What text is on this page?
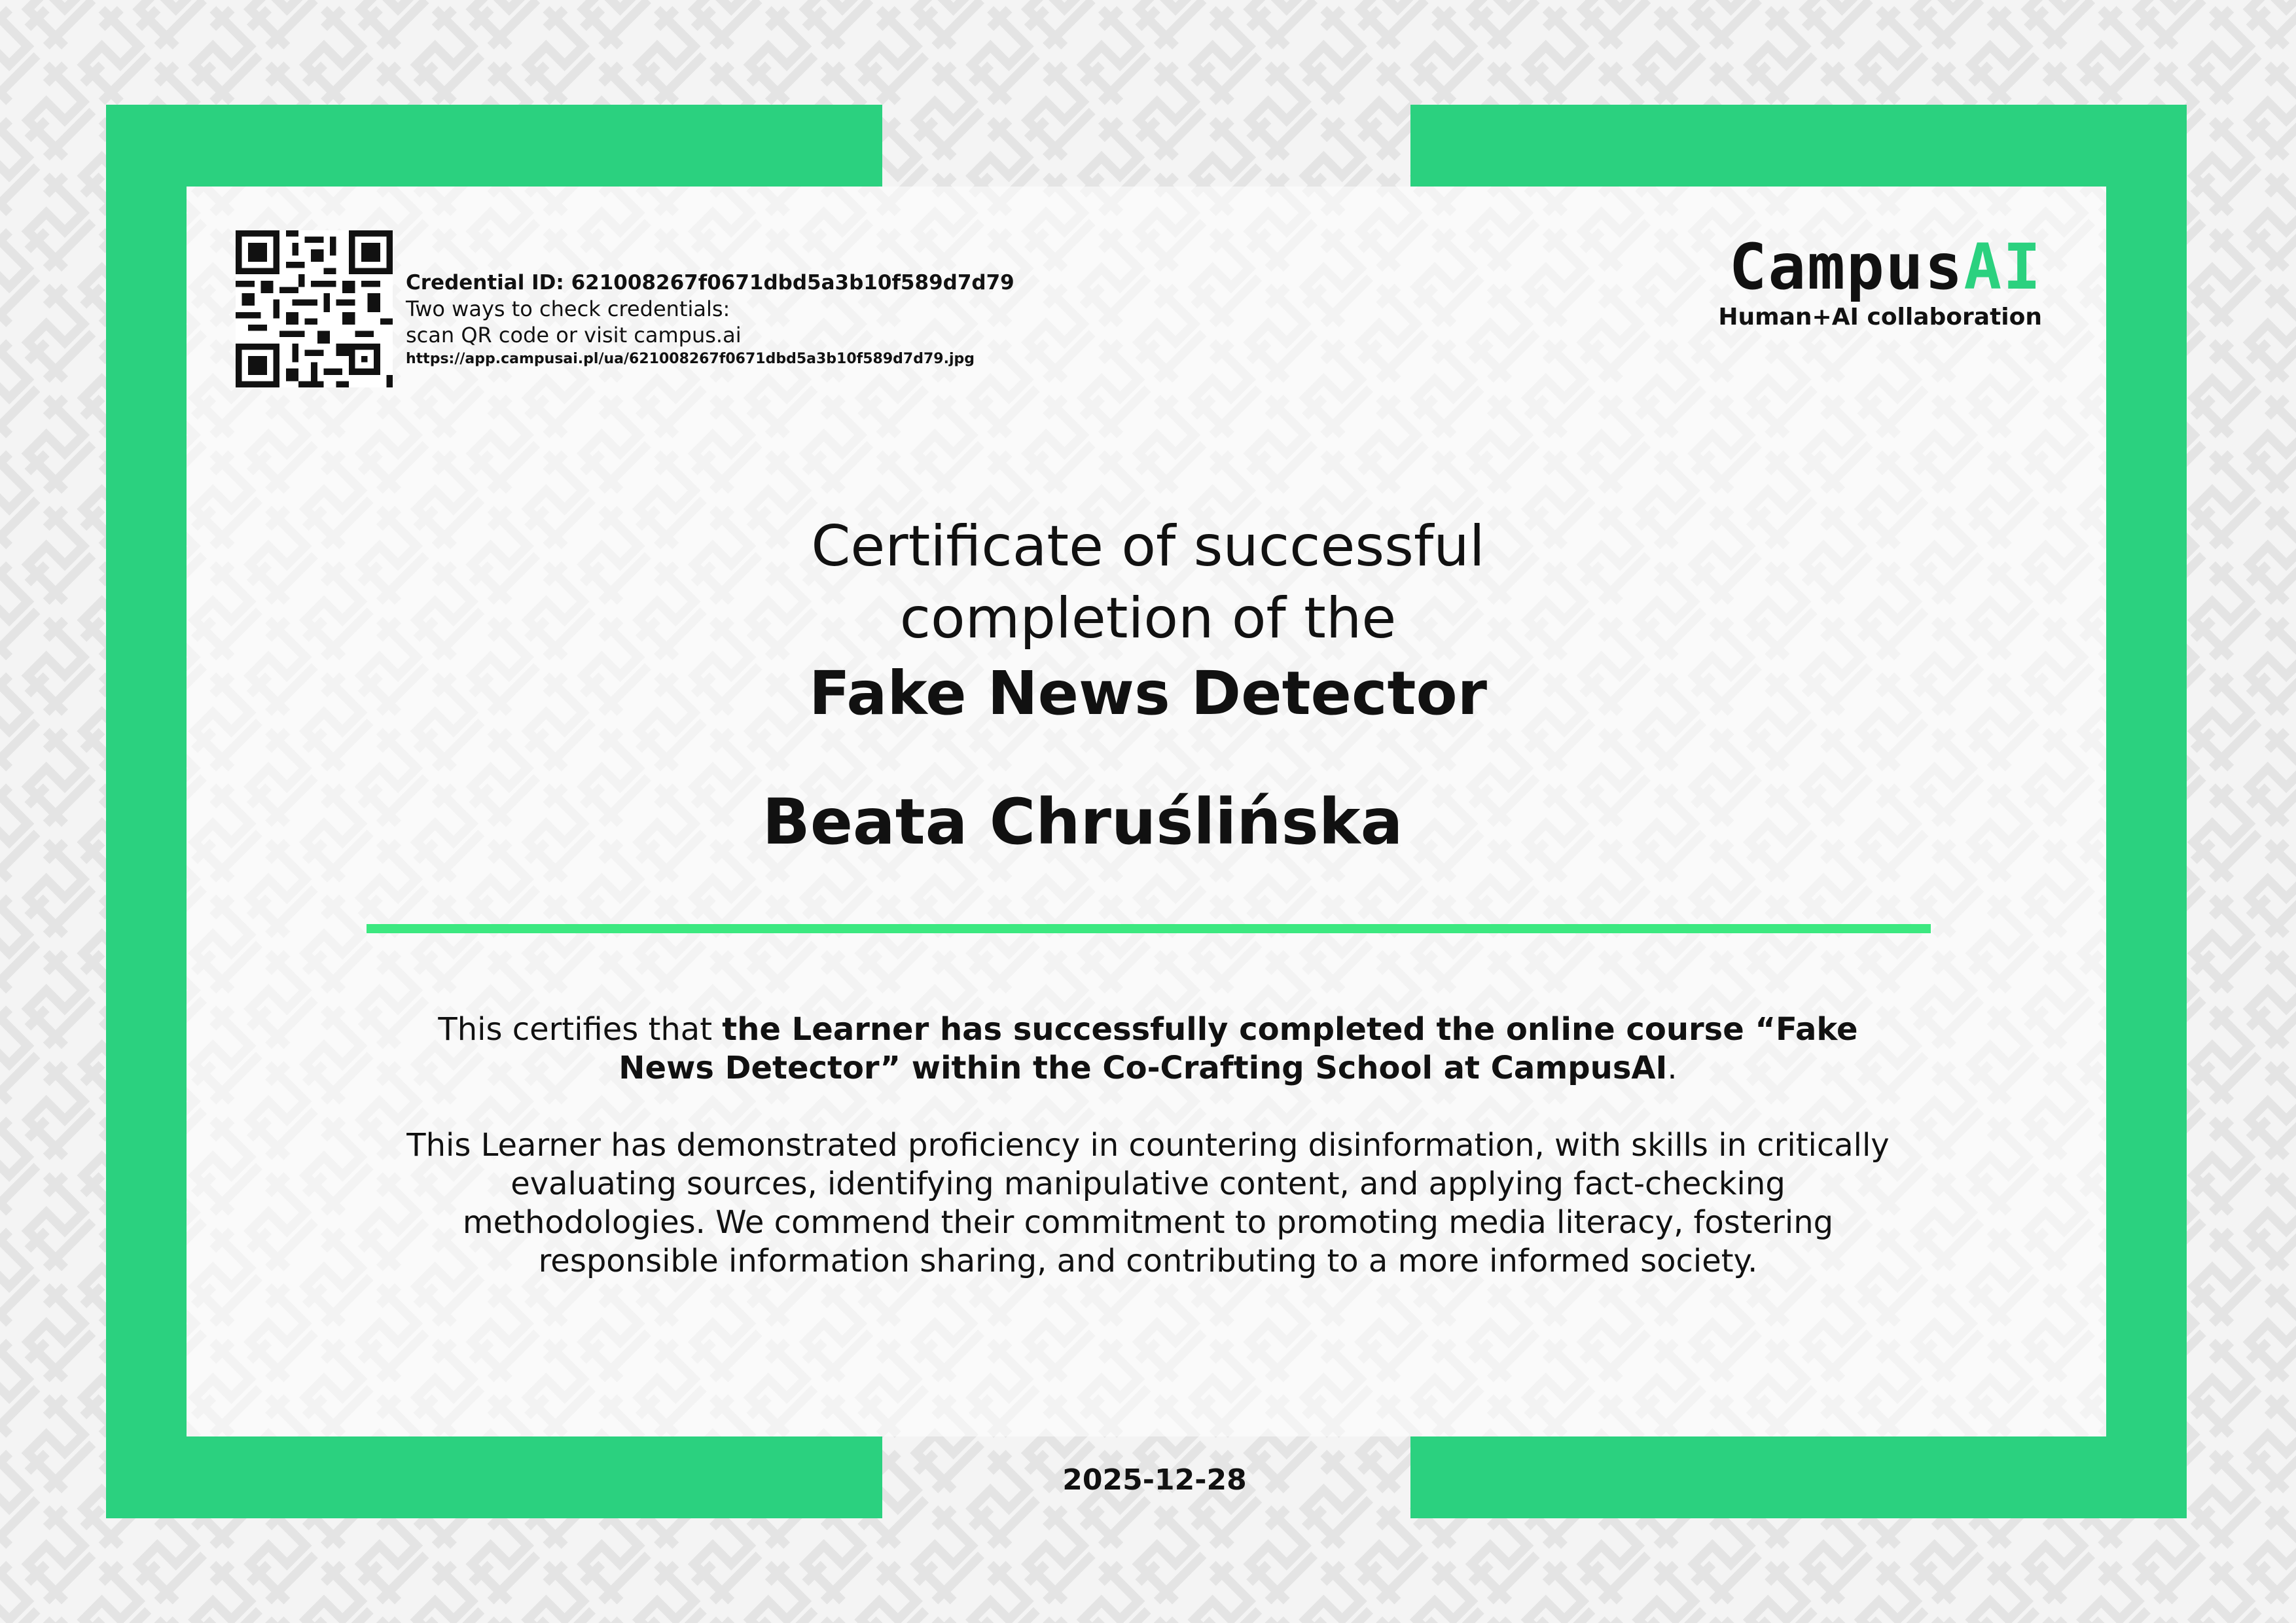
Credential ID: 621008267f0671dbd5a3b10f589d7d79
Two ways to check credentials:
scan QR code or visit campus.ai
https://app.campusai.pl/ua/621008267f0671dbd5a3b10f589d7d79.jpg
CampusAI
Human+AI collaboration
Certificate of successful
completion of the
Fake News Detector
Beata Chruślińska

This certifies that the Learner has successfully completed the online course “Fake News Detector” within the Co-Crafting School at CampusAI.

This Learner has demonstrated proficiency in countering disinformation, with skills in critically evaluating sources, identifying manipulative content, and applying fact-checking methodologies. We commend their commitment to promoting media literacy, fostering responsible information sharing, and contributing to a more informed society.

2025-12-28
